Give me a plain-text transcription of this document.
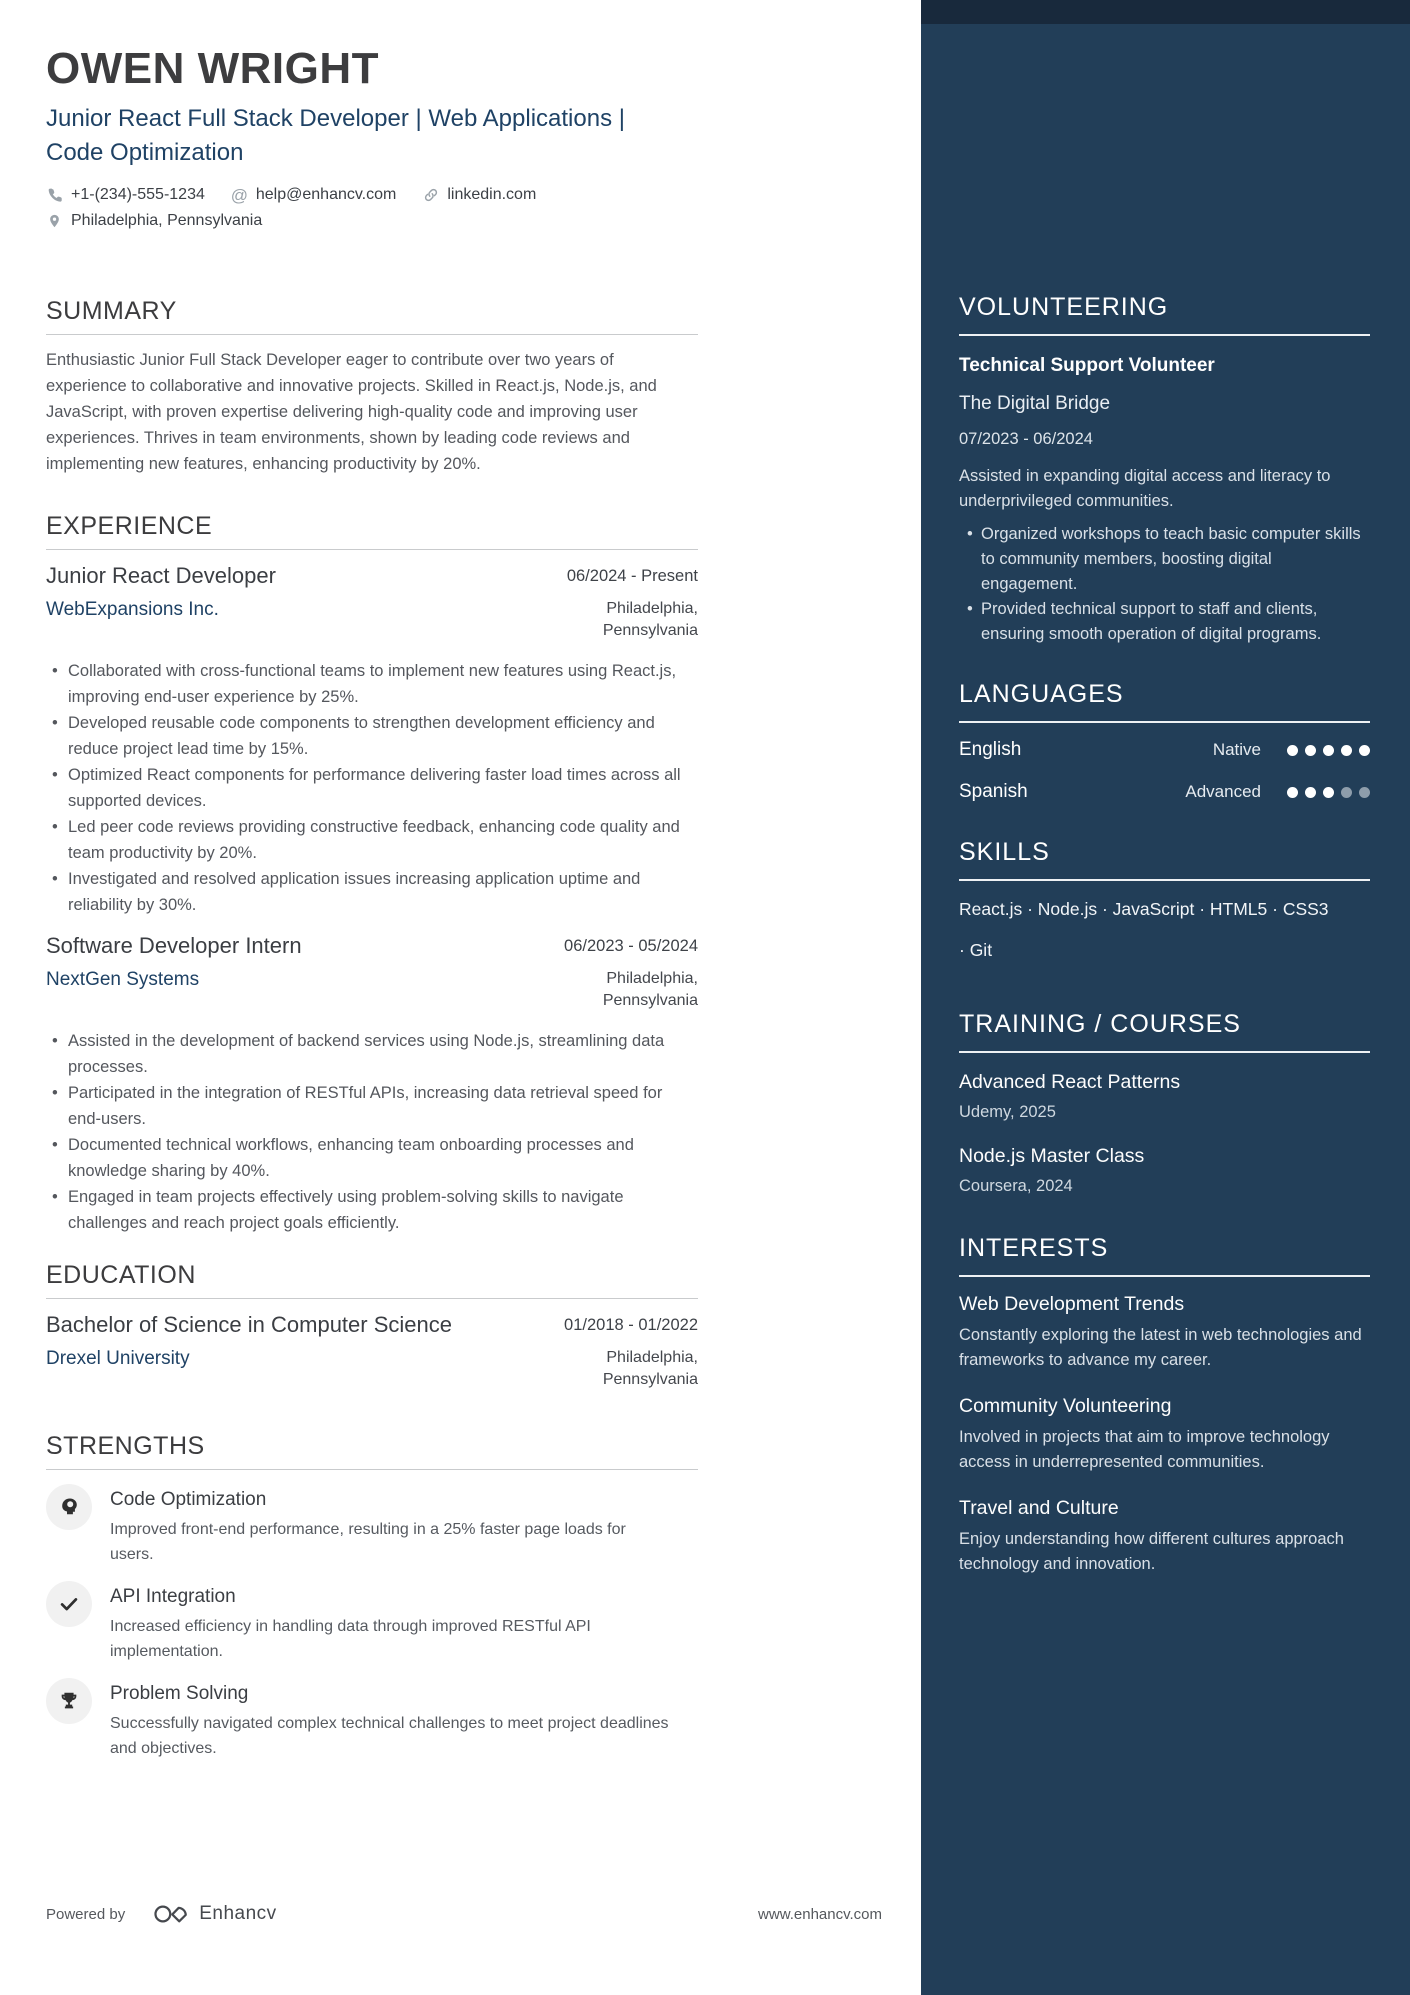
OWEN WRIGHT
Junior React Full Stack Developer | Web Applications | Code Optimization
+1-(234)-555-1234 @ help@enhancv.com	linkedin.com
Philadelphia, Pennsylvania
SUMMARY
Enthusiastic Junior Full Stack Developer eager to contribute over two years of experience to collaborative and innovative projects. Skilled in React.js, Node.js, and JavaScript, with proven expertise delivering high-quality code and improving user experiences. Thrives in team environments, shown by leading code reviews and implementing new features, enhancing productivity by 20%.
EXPERIENCE
Junior React Developer	06/2024 - Present
WebExpansions Inc.	Philadelphia, Pennsylvania
• Collaborated with cross-functional teams to implement new features using React.js, improving end-user experience by 25%.
• Developed reusable code components to strengthen development efficiency and reduce project lead time by 15%.
• Optimized React components for performance delivering faster load times across all supported devices.
• Led peer code reviews providing constructive feedback, enhancing code quality and team productivity by 20%.
• Investigated and resolved application issues increasing application uptime and reliability by 30%.
Software Developer Intern	06/2023 - 05/2024
NextGen Systems	Philadelphia, Pennsylvania
• Assisted in the development of backend services using Node.js, streamlining data processes.
• Participated in the integration of RESTful APIs, increasing data retrieval speed for end-users.
• Documented technical workflows, enhancing team onboarding processes and knowledge sharing by 40%.
• Engaged in team projects effectively using problem-solving skills to navigate challenges and reach project goals efficiently.
EDUCATION
Bachelor of Science in Computer Science	01/2018 - 01/2022
Drexel University	Philadelphia, Pennsylvania
STRENGTHS
Code Optimization
Improved front-end performance, resulting in a 25% faster page loads for users.
API Integration
Increased efficiency in handling data through improved RESTful API implementation.
Problem Solving
Successfully navigated complex technical challenges to meet project deadlines and objectives.
Powered by	Enhancv	www.enhancv.com
VOLUNTEERING
Technical Support Volunteer
The Digital Bridge
07/2023 - 06/2024
Assisted in expanding digital access and literacy to underprivileged communities.
• Organized workshops to teach basic computer skills to community members, boosting digital engagement.
• Provided technical support to staff and clients, ensuring smooth operation of digital programs.
LANGUAGES
English	Native
Spanish	Advanced
SKILLS
React.js · Node.js · JavaScript · HTML5 · CSS3 · Git
TRAINING / COURSES
Advanced React Patterns
Udemy, 2025
Node.js Master Class
Coursera, 2024
INTERESTS
Web Development Trends
Constantly exploring the latest in web technologies and frameworks to advance my career.
Community Volunteering
Involved in projects that aim to improve technology access in underrepresented communities.
Travel and Culture
Enjoy understanding how different cultures approach technology and innovation.
